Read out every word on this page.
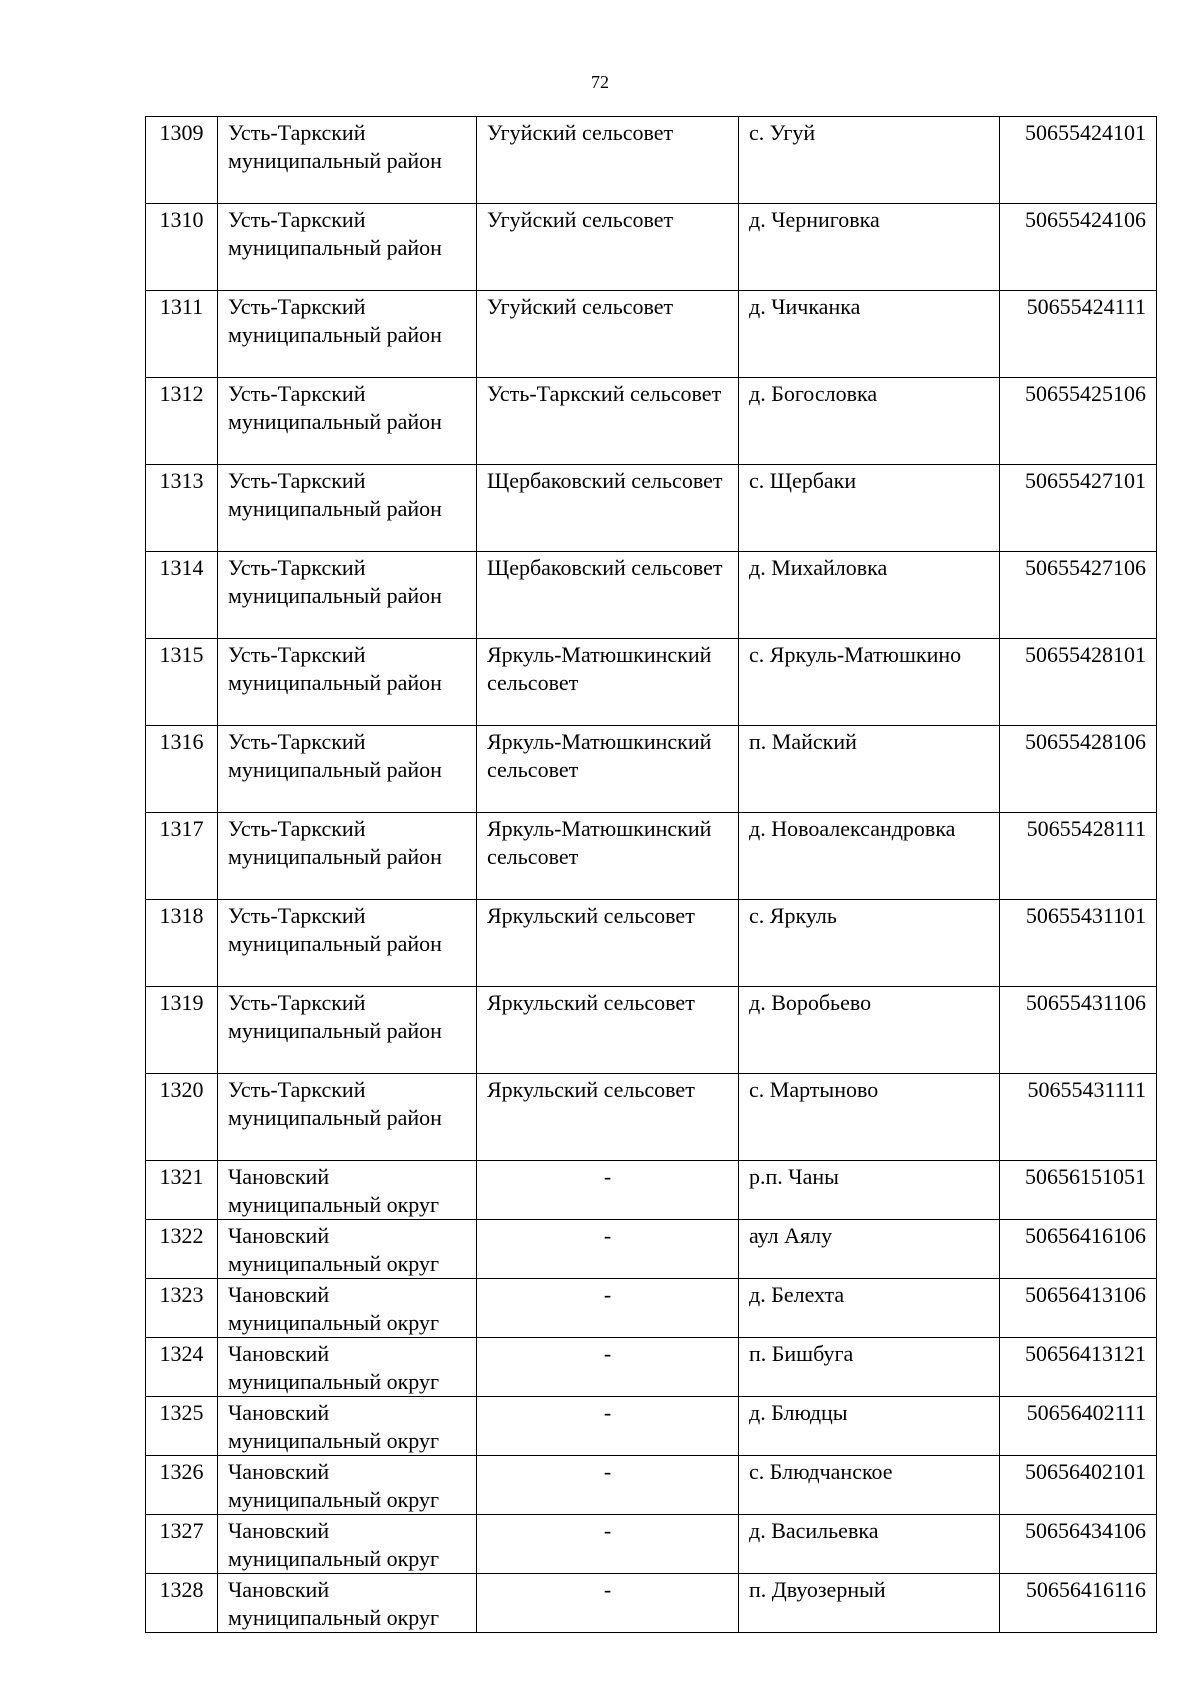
72
1309	Усть-Таркский муниципальный район	Угуйский сельсовет	с. Угуй	50655424101
1310	Усть-Таркский муниципальный район	Угуйский сельсовет	д. Черниговка	50655424106
1311	Усть-Таркский муниципальный район	Угуйский сельсовет	д. Чичканка	50655424111
1312	Усть-Таркский муниципальный район	Усть-Таркский сельсовет	д. Богословка	50655425106
1313	Усть-Таркский муниципальный район	Щербаковский сельсовет	с. Щербаки	50655427101
1314	Усть-Таркский муниципальный район	Щербаковский сельсовет	д. Михайловка	50655427106
1315	Усть-Таркский муниципальный район	Яркуль-Матюшкинский сельсовет	с. Яркуль-Матюшкино	50655428101
1316	Усть-Таркский муниципальный район	Яркуль-Матюшкинский сельсовет	п. Майский	50655428106
1317	Усть-Таркский муниципальный район	Яркуль-Матюшкинский сельсовет	д. Новоалександровка	50655428111
1318	Усть-Таркский муниципальный район	Яркульский сельсовет	с. Яркуль	50655431101
1319	Усть-Таркский муниципальный район	Яркульский сельсовет	д. Воробьево	50655431106
1320	Усть-Таркский муниципальный район	Яркульский сельсовет	с. Мартыново	50655431111
1321	Чановский муниципальный округ	-	р.п. Чаны	50656151051
1322	Чановский муниципальный округ	-	аул Аялу	50656416106
1323	Чановский муниципальный округ	-	д. Белехта	50656413106
1324	Чановский муниципальный округ	-	п. Бишбуга	50656413121
1325	Чановский муниципальный округ	-	д. Блюдцы	50656402111
1326	Чановский муниципальный округ	-	с. Блюдчанское	50656402101
1327	Чановский муниципальный округ	-	д. Васильевка	50656434106
1328	Чановский муниципальный округ	-	п. Двуозерный	50656416116
